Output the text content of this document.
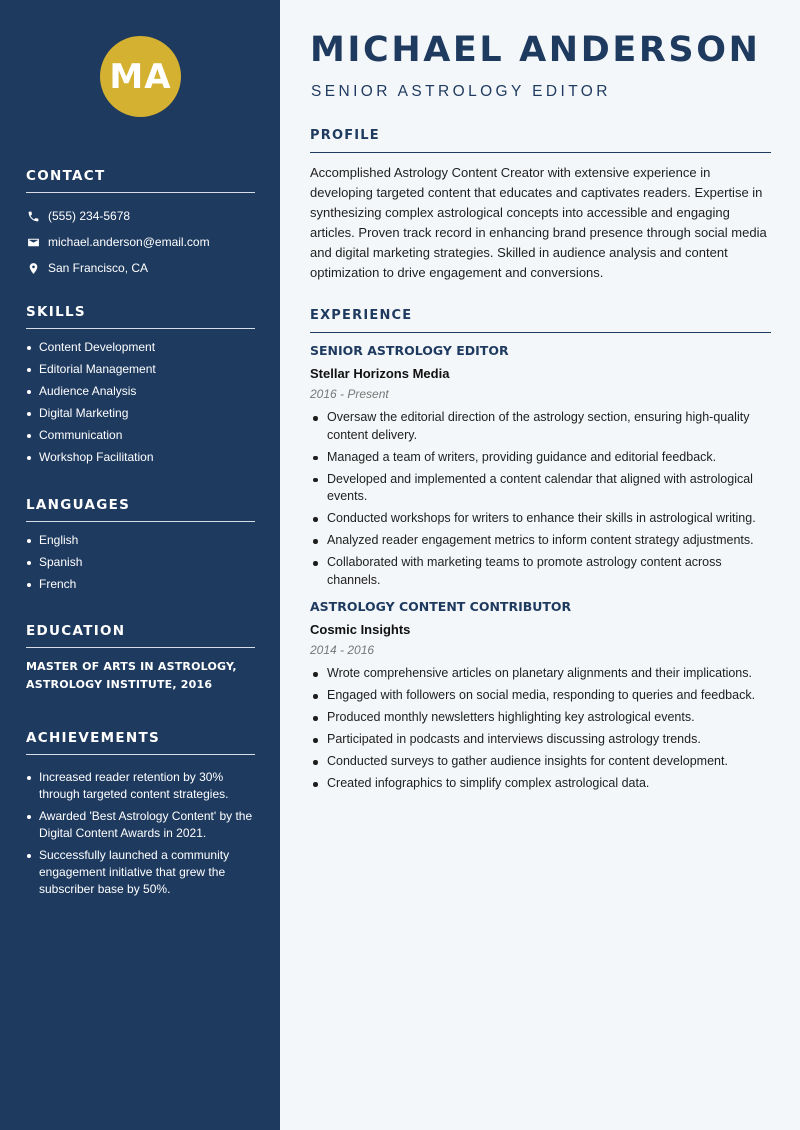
MA
CONTACT
(555) 234-5678
michael.anderson@email.com
San Francisco, CA
SKILLS
Content Development
Editorial Management
Audience Analysis
Digital Marketing
Communication
Workshop Facilitation
LANGUAGES
English
Spanish
French
EDUCATION
MASTER OF ARTS IN ASTROLOGY, ASTROLOGY INSTITUTE, 2016
ACHIEVEMENTS
Increased reader retention by 30% through targeted content strategies.
Awarded 'Best Astrology Content' by the Digital Content Awards in 2021.
Successfully launched a community engagement initiative that grew the subscriber base by 50%.
MICHAEL ANDERSON
SENIOR ASTROLOGY EDITOR
PROFILE

Accomplished Astrology Content Creator with extensive experience in developing targeted content that educates and captivates readers. Expertise in synthesizing complex astrological concepts into accessible and engaging articles. Proven track record in enhancing brand presence through social media and digital marketing strategies. Skilled in audience analysis and content optimization to drive engagement and conversions.

EXPERIENCE
SENIOR ASTROLOGY EDITOR
Stellar Horizons Media
2016 - Present
Oversaw the editorial direction of the astrology section, ensuring high-quality content delivery.
Managed a team of writers, providing guidance and editorial feedback.
Developed and implemented a content calendar that aligned with astrological events.
Conducted workshops for writers to enhance their skills in astrological writing.
Analyzed reader engagement metrics to inform content strategy adjustments.
Collaborated with marketing teams to promote astrology content across channels.
ASTROLOGY CONTENT CONTRIBUTOR
Cosmic Insights
2014 - 2016
Wrote comprehensive articles on planetary alignments and their implications.
Engaged with followers on social media, responding to queries and feedback.
Produced monthly newsletters highlighting key astrological events.
Participated in podcasts and interviews discussing astrology trends.
Conducted surveys to gather audience insights for content development.
Created infographics to simplify complex astrological data.
